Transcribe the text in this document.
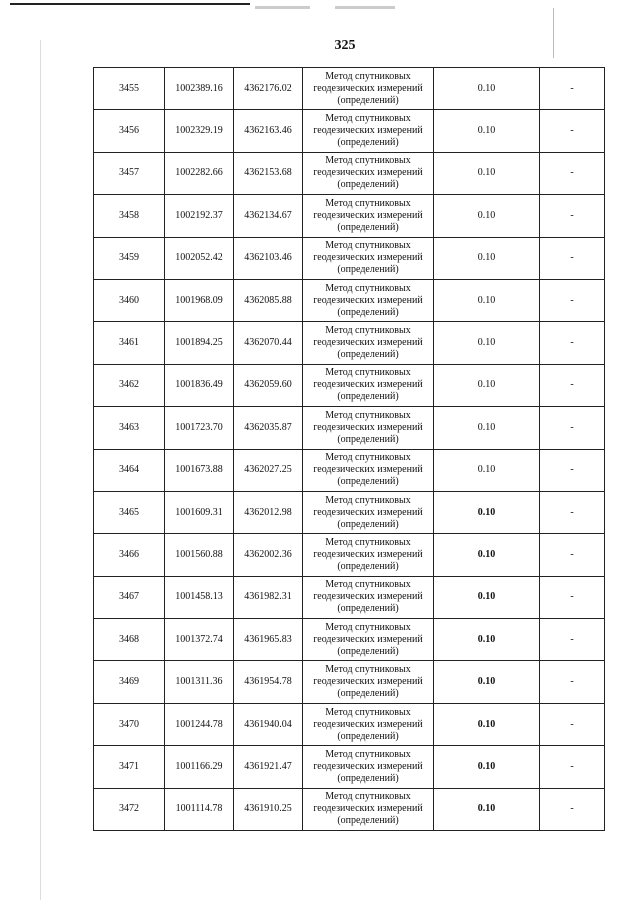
325
3455	1002389.16	4362176.02	Метод спутниковых
геодезических измерений
(определений)	0.10	-
3456	1002329.19	4362163.46	Метод спутниковых
геодезических измерений
(определений)	0.10	-
3457	1002282.66	4362153.68	Метод спутниковых
геодезических измерений
(определений)	0.10	-
3458	1002192.37	4362134.67	Метод спутниковых
геодезических измерений
(определений)	0.10	-
3459	1002052.42	4362103.46	Метод спутниковых
геодезических измерений
(определений)	0.10	-
3460	1001968.09	4362085.88	Метод спутниковых
геодезических измерений
(определений)	0.10	-
3461	1001894.25	4362070.44	Метод спутниковых
геодезических измерений
(определений)	0.10	-
3462	1001836.49	4362059.60	Метод спутниковых
геодезических измерений
(определений)	0.10	-
3463	1001723.70	4362035.87	Метод спутниковых
геодезических измерений
(определений)	0.10	-
3464	1001673.88	4362027.25	Метод спутниковых
геодезических измерений
(определений)	0.10	-
3465	1001609.31	4362012.98	Метод спутниковых
геодезических измерений
(определений)	0.10	-
3466	1001560.88	4362002.36	Метод спутниковых
геодезических измерений
(определений)	0.10	-
3467	1001458.13	4361982.31	Метод спутниковых
геодезических измерений
(определений)	0.10	-
3468	1001372.74	4361965.83	Метод спутниковых
геодезических измерений
(определений)	0.10	-
3469	1001311.36	4361954.78	Метод спутниковых
геодезических измерений
(определений)	0.10	-
3470	1001244.78	4361940.04	Метод спутниковых
геодезических измерений
(определений)	0.10	-
3471	1001166.29	4361921.47	Метод спутниковых
геодезических измерений
(определений)	0.10	-
3472	1001114.78	4361910.25	Метод спутниковых
геодезических измерений
(определений)	0.10	-
